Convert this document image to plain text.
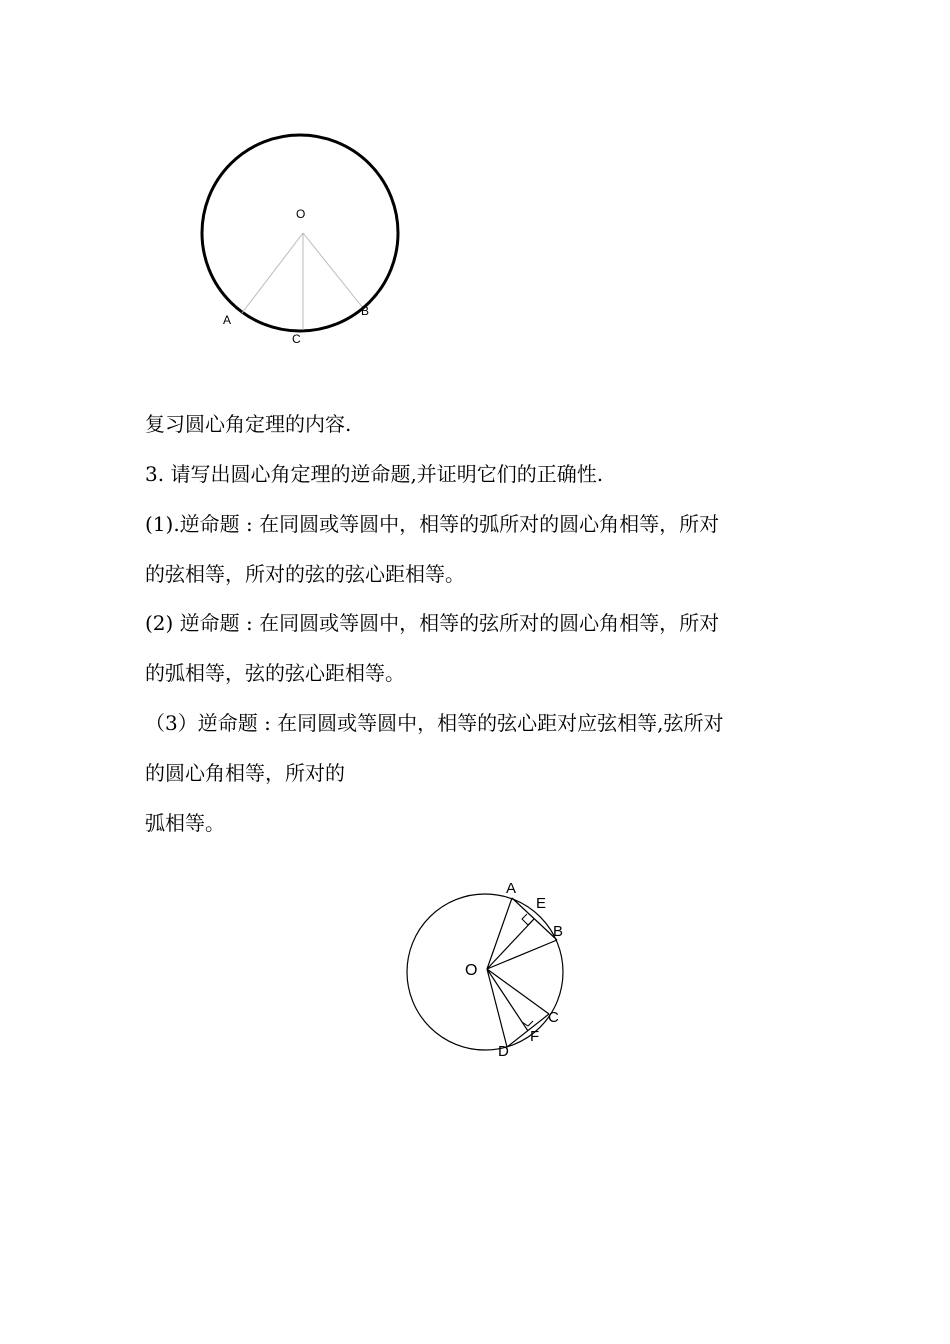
O
A
C
B

复习圆心角定理的内容.

3. 请写出圆心角定理的逆命题,并证明它们的正确性.

(1).逆命题 : 在同圆或等圆中，相等的弧所对的圆心角相等，所对

的弦相等，所对的弦的弦心距相等。

(2) 逆命题 : 在同圆或等圆中，相等的弦所对的圆心角相等，所对

的弧相等，弦的弦心距相等。

（3）逆命题 : 在同圆或等圆中，相等的弦心距对应弦相等,弦所对

的圆心角相等，所对的

弧相等。

A
E
B
O
C
F
D
